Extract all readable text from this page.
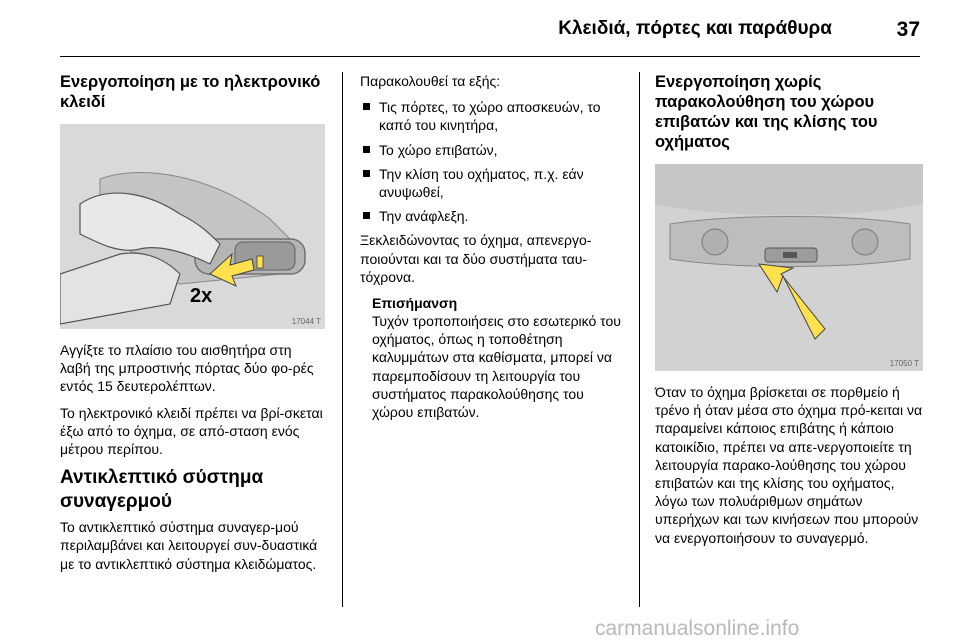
Κλειδιά, πόρτες και παράθυρα	37
Ενεργοποίηση με το ηλεκτρονικό κλειδί
2x
17044 T

Αγγίξτε το πλαίσιο του αισθητήρα στη λαβή της μπροστινής πόρτας δύο φο-ρές εντός 15 δευτερολέπτων.

Το ηλεκτρονικό κλειδί πρέπει να βρί-σκεται έξω από το όχημα, σε από-σταση ενός μέτρου περίπου.

Αντικλεπτικό σύστημα συναγερμού

Το αντικλεπτικό σύστημα συναγερ-μού περιλαμβάνει και λειτουργεί συν-δυαστικά με το αντικλεπτικό σύστημα κλειδώματος.

Παρακολουθεί τα εξής:

Τις πόρτες, το χώρο αποσκευών, το καπό του κινητήρα,
Το χώρο επιβατών,
Την κλίση του οχήματος, π.χ. εάν ανυψωθεί,
Την ανάφλεξη.

Ξεκλειδώνοντας το όχημα, απενεργο-ποιούνται και τα δύο συστήματα ταυ-τόχρονα.

Επισήμανση

Τυχόν τροποποιήσεις στο εσωτερικό του οχήματος, όπως η τοποθέτηση καλυμμάτων στα καθίσματα, μπορεί να παρεμποδίσουν τη λειτουργία του συστήματος παρακολούθησης του χώρου επιβατών.

Ενεργοποίηση χωρίς παρακολούθηση του χώρου επιβατών και της κλίσης του οχήματος
17050 T

Όταν το όχημα βρίσκεται σε πορθμείο ή τρένο ή όταν μέσα στο όχημα πρό-κειται να παραμείνει κάποιος επιβάτης ή κάποιο κατοικίδιο, πρέπει να απε-νεργοποιείτε τη λειτουργία παρακο-λούθησης του χώρου επιβατών και της κλίσης του οχήματος, λόγω των πολυάριθμων σημάτων υπερήχων και των κινήσεων που μπορούν να ενεργοποιήσουν το συναγερμό.

carmanualsonline.info
